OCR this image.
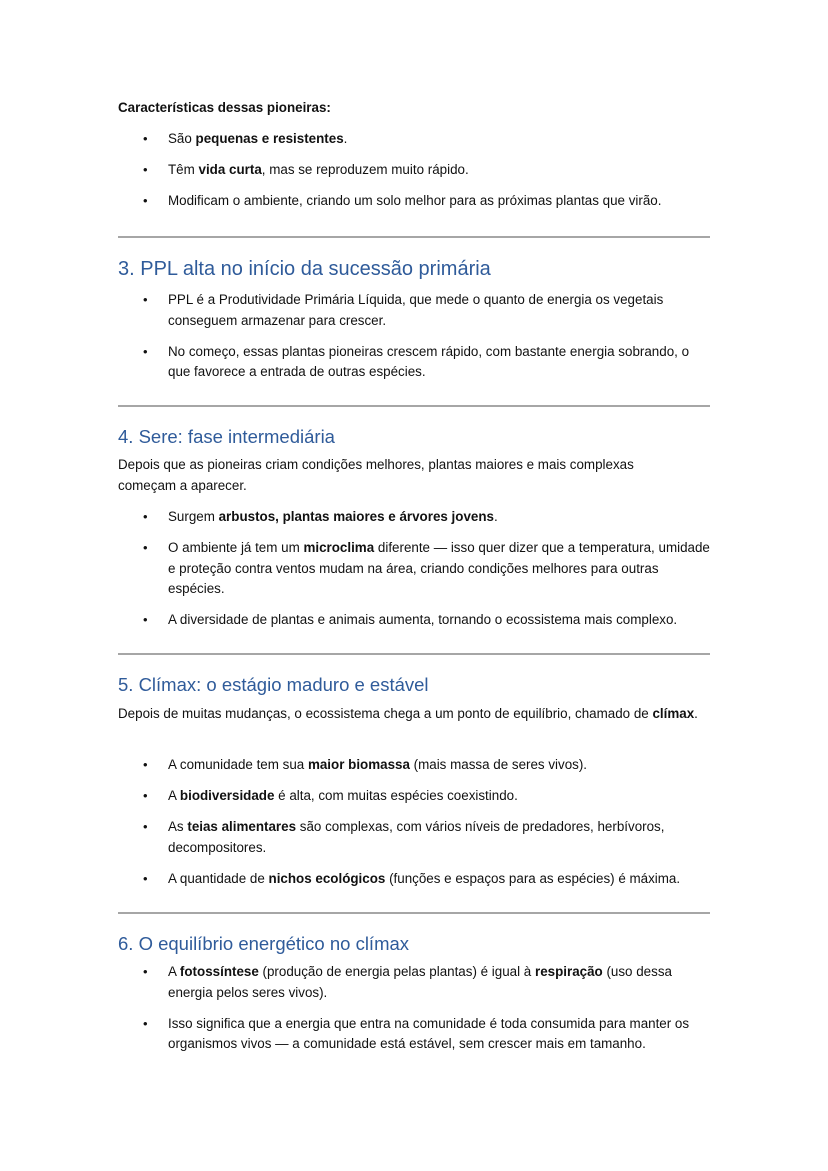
Características dessas pioneiras:

• São pequenas e resistentes.
• Têm vida curta, mas se reproduzem muito rápido.
• Modificam o ambiente, criando um solo melhor para as próximas plantas que virão.
3. PPL alta no início da sucessão primária
• PPL é a Produtividade Primária Líquida, que mede o quanto de energia os vegetais conseguem armazenar para crescer.
• No começo, essas plantas pioneiras crescem rápido, com bastante energia sobrando, o que favorece a entrada de outras espécies.
4. Sere: fase intermediária

Depois que as pioneiras criam condições melhores, plantas maiores e mais complexas começam a aparecer.

• Surgem arbustos, plantas maiores e árvores jovens.
• O ambiente já tem um microclima diferente — isso quer dizer que a temperatura, umidade e proteção contra ventos mudam na área, criando condições melhores para outras espécies.
• A diversidade de plantas e animais aumenta, tornando o ecossistema mais complexo.
5. Clímax: o estágio maduro e estável

Depois de muitas mudanças, o ecossistema chega a um ponto de equilíbrio, chamado de clímax.

• A comunidade tem sua maior biomassa (mais massa de seres vivos).
• A biodiversidade é alta, com muitas espécies coexistindo.
• As teias alimentares são complexas, com vários níveis de predadores, herbívoros, decompositores.
• A quantidade de nichos ecológicos (funções e espaços para as espécies) é máxima.
6. O equilíbrio energético no clímax
• A fotossíntese (produção de energia pelas plantas) é igual à respiração (uso dessa energia pelos seres vivos).
• Isso significa que a energia que entra na comunidade é toda consumida para manter os organismos vivos — a comunidade está estável, sem crescer mais em tamanho.
